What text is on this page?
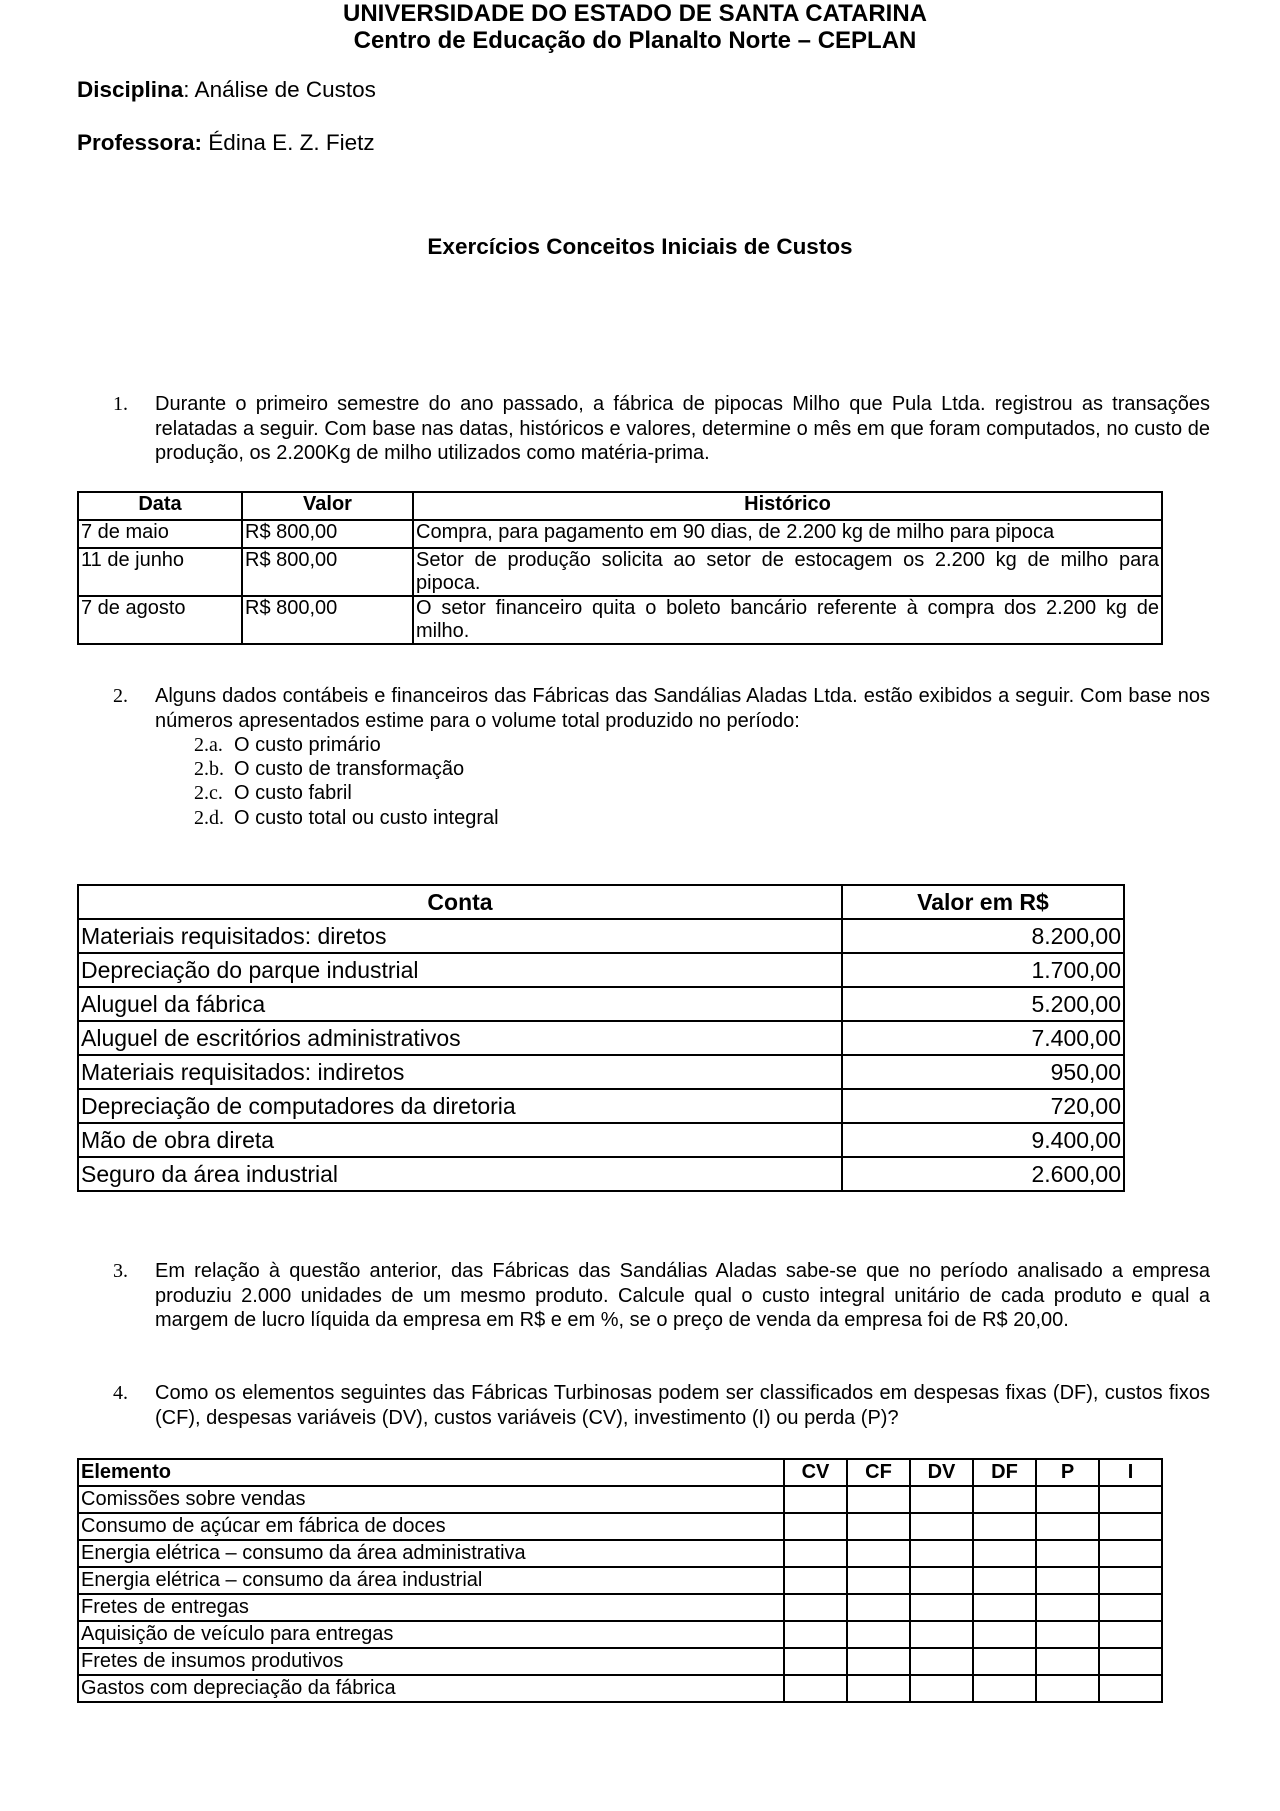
UNIVERSIDADE DO ESTADO DE SANTA CATARINA
Centro de Educação do Planalto Norte – CEPLAN
Disciplina: Análise de Custos
Professora: Édina E. Z. Fietz
Exercícios Conceitos Iniciais de Custos
1.	Durante o primeiro semestre do ano passado, a fábrica de pipocas Milho que Pula Ltda. registrou as transações relatadas a seguir. Com base nas datas, históricos e valores, determine o mês em que foram computados, no custo de produção, os 2.200Kg de milho utilizados como matéria-prima.
Data	Valor	Histórico
7 de maio	R$ 800,00	Compra, para pagamento em 90 dias, de 2.200 kg de milho para pipoca
11 de junho	R$ 800,00	Setor de produção solicita ao setor de estocagem os 2.200 kg de milho para pipoca.
7 de agosto	R$ 800,00	O setor financeiro quita o boleto bancário referente à compra dos 2.200 kg de milho.
2.	Alguns dados contábeis e financeiros das Fábricas das Sandálias Aladas Ltda. estão exibidos a seguir. Com base nos números apresentados estime para o volume total produzido no período:
2.a. O custo primário
2.b. O custo de transformação
2.c. O custo fabril
2.d. O custo total ou custo integral
Conta	Valor em R$
Materiais requisitados: diretos	8.200,00
Depreciação do parque industrial	1.700,00
Aluguel da fábrica	5.200,00
Aluguel de escritórios administrativos	7.400,00
Materiais requisitados: indiretos	950,00
Depreciação de computadores da diretoria	720,00
Mão de obra direta	9.400,00
Seguro da área industrial	2.600,00
3.	Em relação à questão anterior, das Fábricas das Sandálias Aladas sabe-se que no período analisado a empresa produziu 2.000 unidades de um mesmo produto. Calcule qual o custo integral unitário de cada produto e qual a margem de lucro líquida da empresa em R$ e em %, se o preço de venda da empresa foi de R$ 20,00.
4.	Como os elementos seguintes das Fábricas Turbinosas podem ser classificados em despesas fixas (DF), custos fixos (CF), despesas variáveis (DV), custos variáveis (CV), investimento (I) ou perda (P)?
Elemento	CV	CF	DV	DF	P	I
Comissões sobre vendas						
Consumo de açúcar em fábrica de doces						
Energia elétrica – consumo da área administrativa						
Energia elétrica – consumo da área industrial						
Fretes de entregas						
Aquisição de veículo para entregas						
Fretes de insumos produtivos						
Gastos com depreciação da fábrica						
